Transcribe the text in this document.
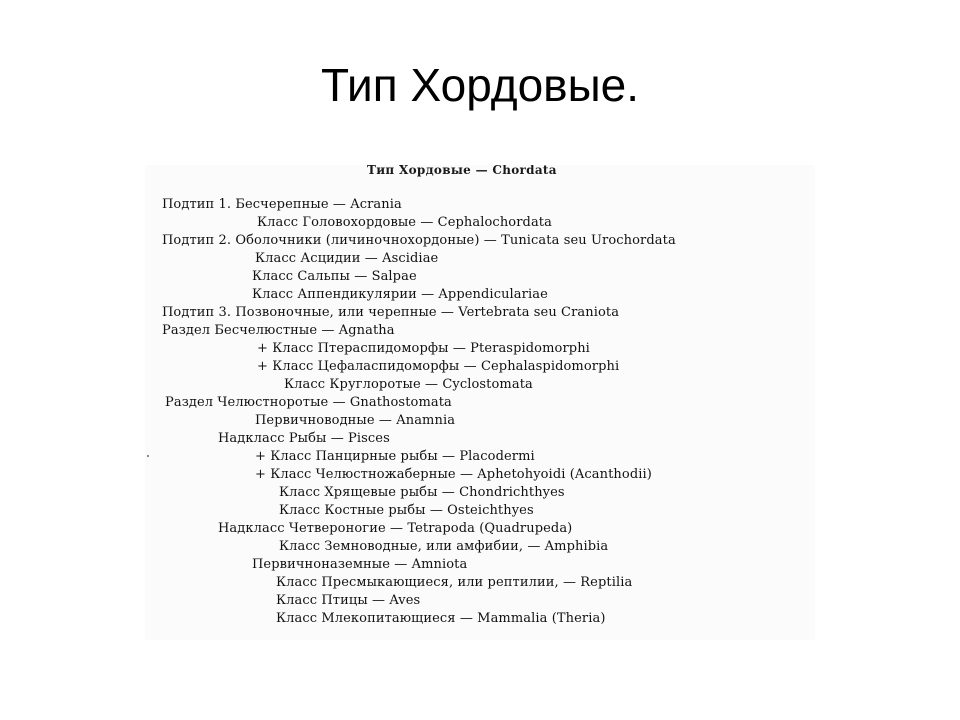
Тип Хордовые.
Тип Хордовые — Chordata
Подтип 1. Бесчерепные — Acrania
Класс Головохордовые — Cephalochordata
Подтип 2. Оболочники (личиночнохордоные) — Tunicata seu Urochordata
Класс Асцидии — Ascidiae
Класс Сальпы — Salpae
Класс Аппендикулярии — Appendiculariae
Подтип 3. Позвоночные, или черепные — Vertebrata seu Craniota
Раздел Бесчелюстные — Agnatha
+ Класс Птераспидоморфы — Pteraspidomorphi
+ Класс Цефаласпидоморфы — Cephalaspidomorphi
Класс Круглоротые — Cyclostomata
Раздел Челюстноротые — Gnathostomata
Первичноводные — Anamnia
Надкласс Рыбы — Pisces
+ Класс Панцирные рыбы — Placodermi
+ Класс Челюстножаберные — Aphetohyoidi (Acanthodii)
Класс Хрящевые рыбы — Chondrichthyes
Класс Костные рыбы — Osteichthyes
Надкласс Четвероногие — Tetrapoda (Quadrupeda)
Класс Земноводные, или амфибии, — Amphibia
Первичноназемные — Amniota
Класс Пресмыкающиеся, или рептилии, — Reptilia
Класс Птицы — Aves
Класс Млекопитающиеся — Mammalia (Theria)
